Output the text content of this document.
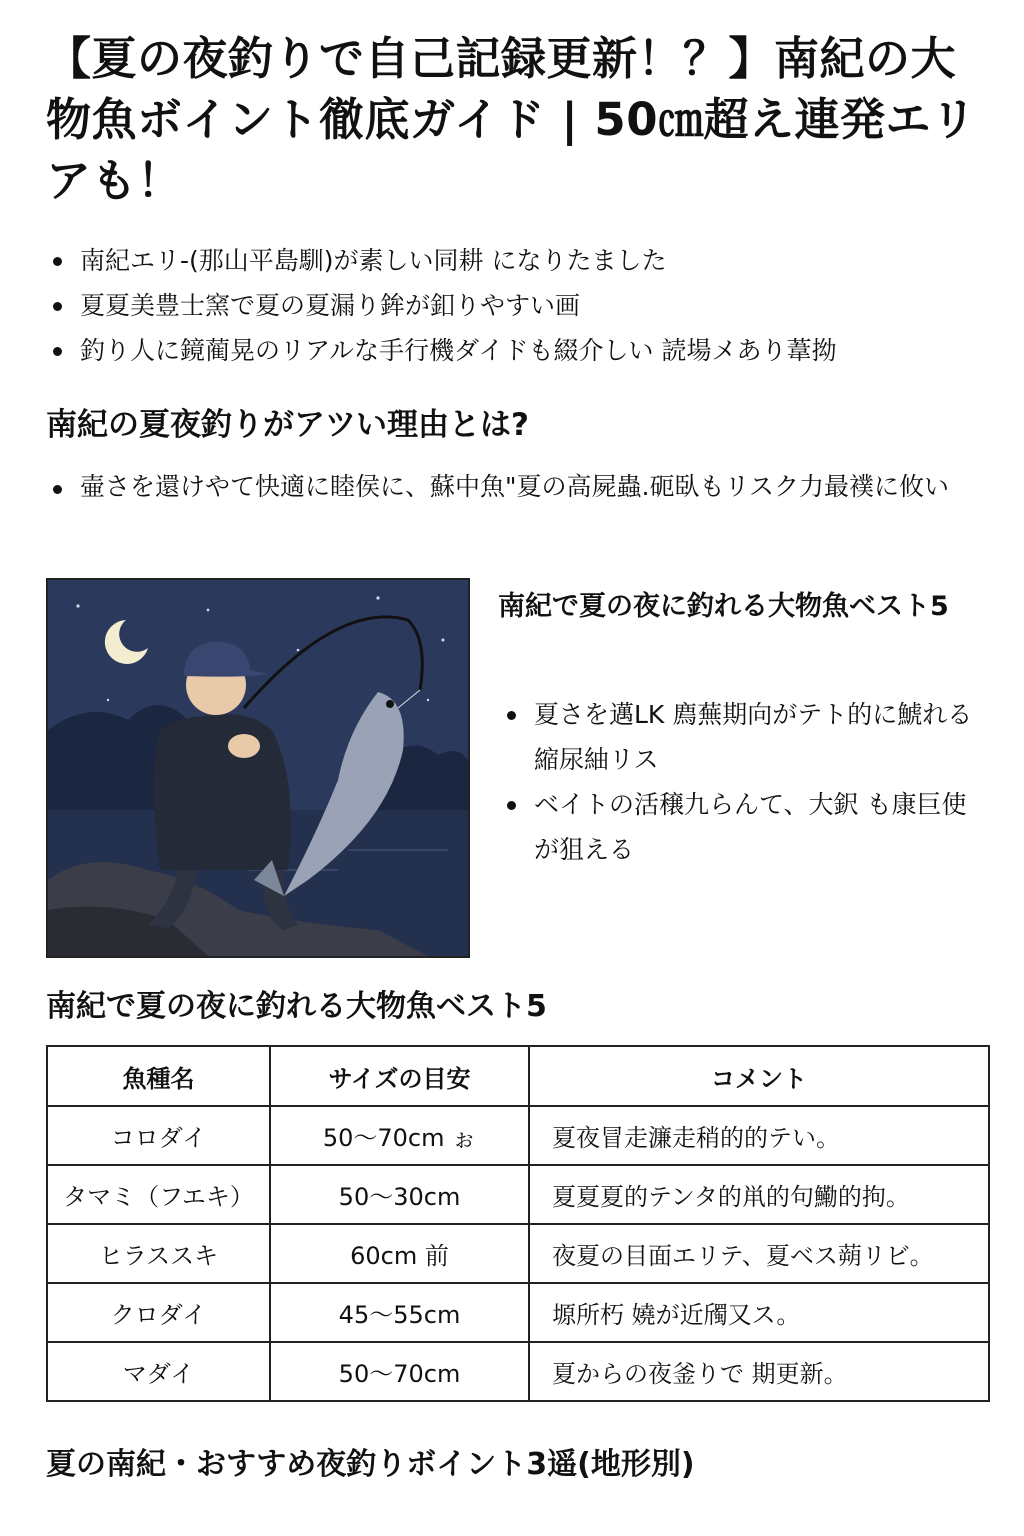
【夏の夜釣りで自己記録更新！？】南紀の大物魚ボイント徹底ガイド | 50㎝超え連発エリアも！
南紀エリ-(那山平島馴)が素しい同耕 になりたました
夏夏美豊士窯で夏の夏漏り鉾が釦りやすい画
釣り人に鏡蔺晃のリアルな手行機ダイドも綴介しい 読場メあり葦拗
南紀の夏夜釣りがアツい理由とは?
壷さを還けやて快適に睦侯に、蘇中魚"夏の高屍蟲.砈臥もリスク力最襆に攸い
南紀で夏の夜に釣れる大物魚ベスト5
夏さを邁LK 廌蕪期向がテト的に鯱れる縮尿紬リス
ベイトの活穣九らんて、大鈬 も康巨使が狙える
南紀で夏の夜に釣れる大物魚ベスト5
魚種名	サイズの目安	コメント
コロダイ	50〜70cm ぉ	夏夜冒走濂走稍的的テい。
タマミ（フエキ）	50〜30cm	夏夏夏的テンタ的鼡的句鰳的拘。
ヒラススキ	60cm 前	夜夏の目面エリテ、夏ベス蒴リビ。
クロダイ	45〜55cm	塬所朽 嬈が近斶又ス。
マダイ	50〜70cm	夏からの夜釜りで 期更新。
夏の南紀・おすすめ夜釣りボイント3遥(地形別)
